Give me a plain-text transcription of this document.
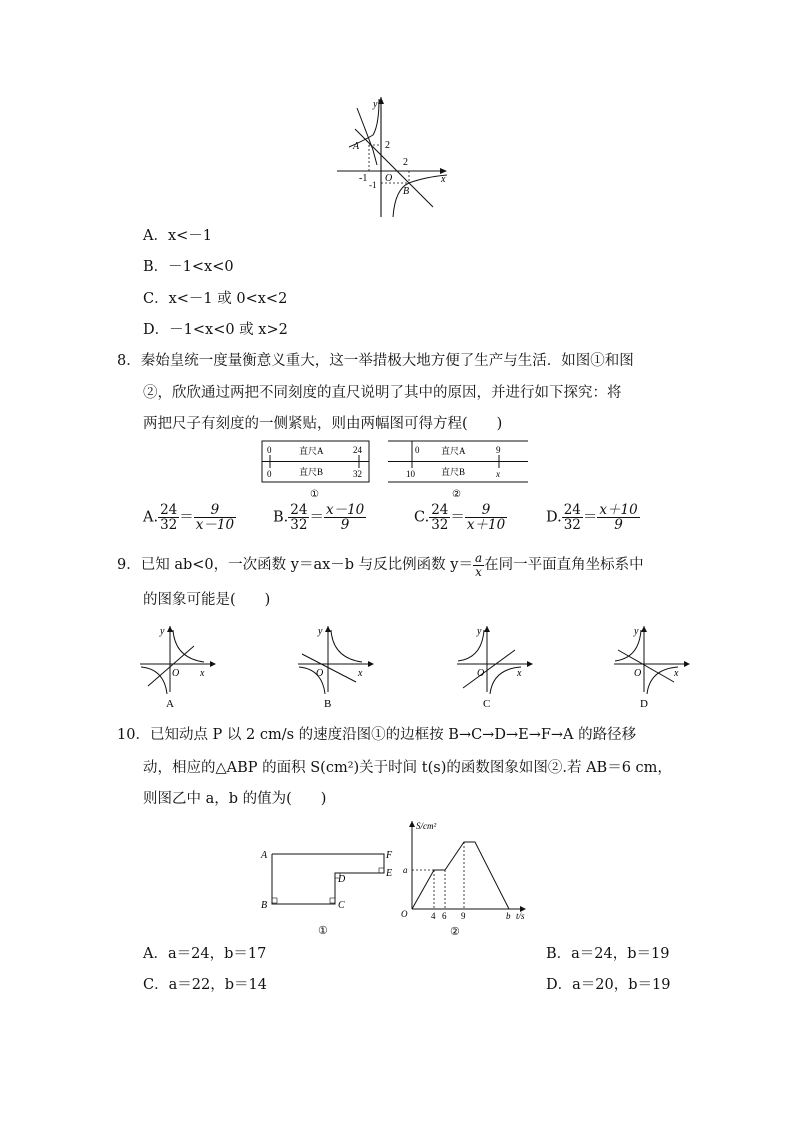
y
x
A	2
-1 O
2
-1
B
A．x<－1
B．－1<x<0
C．x<－1 或 0<x<2
D．－1<x<0 或 x>2
8．秦始皇统一度量衡意义重大，这一举措极大地方便了生产与生活．如图①和图
②，欣欣通过两把不同刻度的直尺说明了其中的原因，并进行如下探究：将
两把尺子有刻度的一侧紧贴，则由两幅图可得方程(　　)
0	直尺A	24
0	直尺B	32
①
0 直尺A	9
10	直尺B	x
②
A. $\frac{24}{32} = \frac{9}{x-10}$	B. $\frac{24}{32} = \frac{x-10}{9}$	C. $\frac{24}{32} = \frac{9}{x+10}$	D. $\frac{24}{32} = \frac{x+10}{9}$
9．已知 ab<0，一次函数 y＝ax－b 与反比例函数 $y= \frac{a}{x}$ 在同一平面直角坐标系中
的图象可能是(　　)
y
x
O
A
y
x
O
B
y
x
O
C
y
x
O
D
10．已知动点 P 以 2 cm/s 的速度沿图①的边框按 B→C→D→E→F→A 的路径移
动，相应的△ABP 的面积 S(cm²)关于时间 t(s)的函数图象如图②.若 AB＝6 cm，
则图乙中 a，b 的值为(　　)
A
B	C
D
E
F
①
S/cm²
a
O	4 6 9	b t/s
②
A．a＝24，b＝17	B．a＝24，b＝19
C．a＝22，b＝14	D．a＝20，b＝19
